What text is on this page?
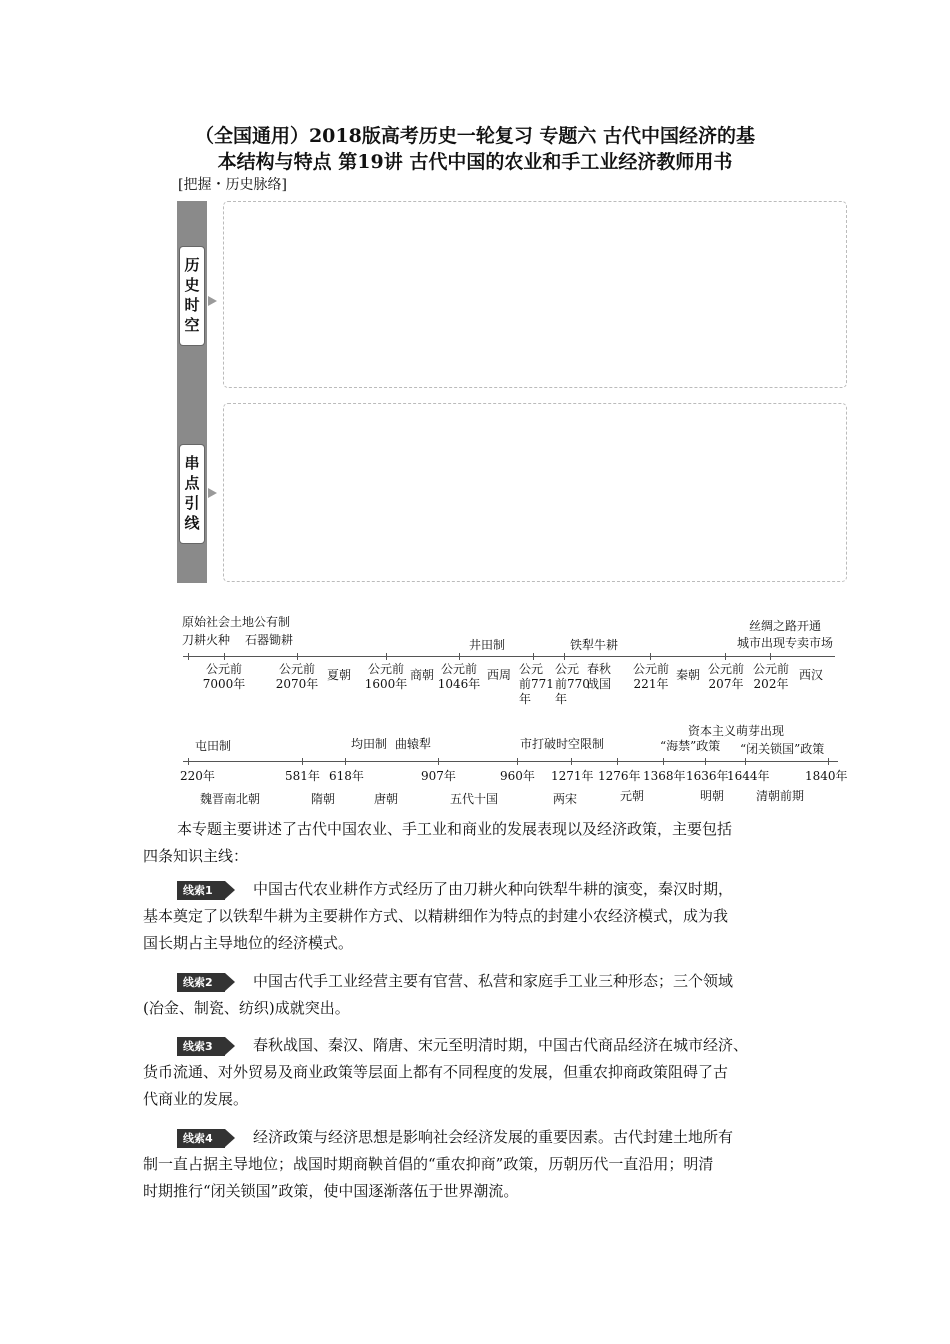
（全国通用）2018版高考历史一轮复习 专题六 古代中国经济的基
本结构与特点 第19讲 古代中国的农业和手工业经济教师用书
[把握・历史脉络]
历
史
时
空
串
点
引
线
原始社会土地公有制
刀耕火种 石器锄耕	井田制	铁犁牛耕
丝绸之路开通
城市出现专卖市场
公元前
7000年
公元前
2070年
公元前
1600年
公元前
1046年
公元
前771
年
公元
前770
年
公元前
221年
公元前
207年
公元前
202年
夏朝	商朝	西周	春秋
战国
秦朝	西汉
屯田制	均田制 曲辕犁	市打破时空限制
资本主义萌芽出现
“海禁”政策 “闭关锁国”政策
220年	581年 618年	907年	960年 1271年 1276年 1368年 1636年
1644年	1840年
魏晋南北朝	隋朝	唐朝	五代十国	两宋	元朝	明朝	清朝前期
本专题主要讲述了古代中国农业、手工业和商业的发展表现以及经济政策，主要包括
四条知识主线：
线索1	中国古代农业耕作方式经历了由刀耕火种向铁犁牛耕的演变，秦汉时期，
基本奠定了以铁犁牛耕为主要耕作方式、以精耕细作为特点的封建小农经济模式，成为我
国长期占主导地位的经济模式。
线索2	中国古代手工业经营主要有官营、私营和家庭手工业三种形态；三个领域
(冶金、制瓷、纺织)成就突出。
线索3	春秋战国、秦汉、隋唐、宋元至明清时期，中国古代商品经济在城市经济、
货币流通、对外贸易及商业政策等层面上都有不同程度的发展，但重农抑商政策阻碍了古
代商业的发展。
线索4	经济政策与经济思想是影响社会经济发展的重要因素。古代封建土地所有
制一直占据主导地位；战国时期商鞅首倡的“重农抑商”政策，历朝历代一直沿用；明清
时期推行“闭关锁国”政策，使中国逐渐落伍于世界潮流。
